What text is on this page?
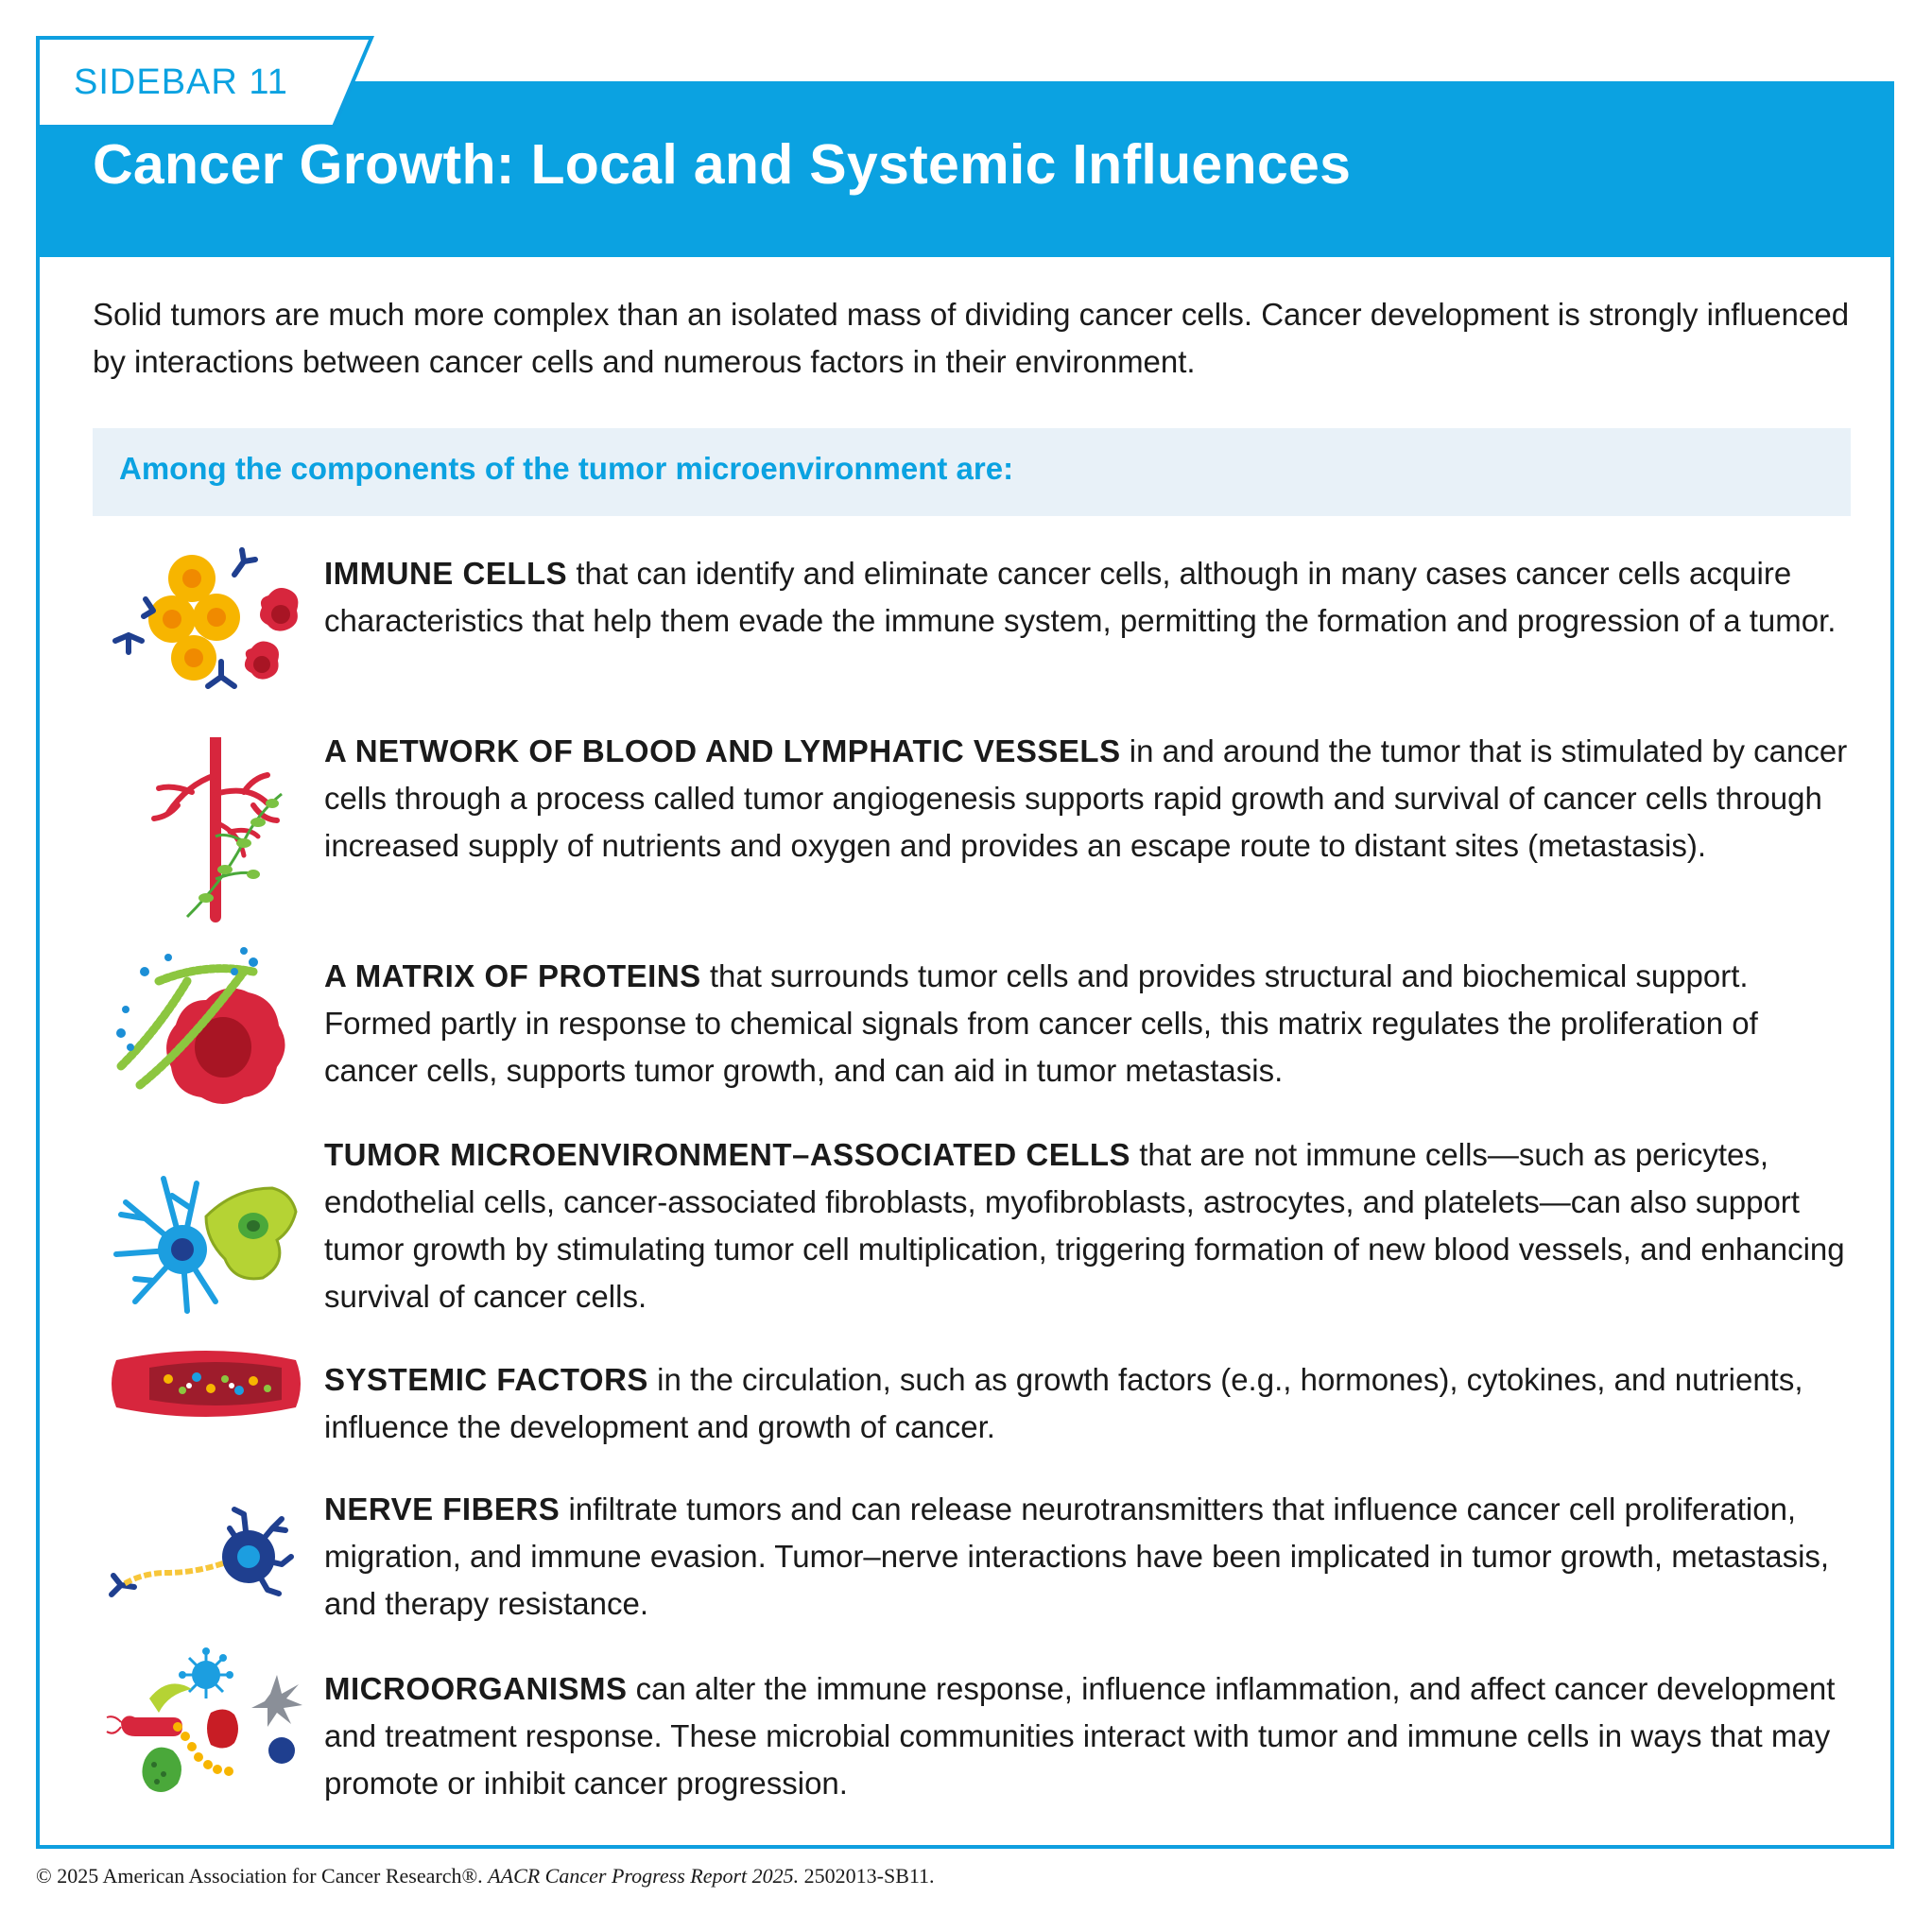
Cancer Growth: Local and Systemic Influences
SIDEBAR 11

Solid tumors are much more complex than an isolated mass of dividing cancer cells. Cancer development is strongly influenced by interactions between cancer cells and numerous factors in their environment.

Among the components of the tumor microenvironment are:

IMMUNE CELLS that can identify and eliminate cancer cells, although in many cases cancer cells acquire characteristics that help them evade the immune system, permitting the formation and progression of a tumor.

A NETWORK OF BLOOD AND LYMPHATIC VESSELS in and around the tumor that is stimulated by cancer cells through a process called tumor angiogenesis supports rapid growth and survival of cancer cells through increased supply of nutrients and oxygen and provides an escape route to distant sites (metastasis).

A MATRIX OF PROTEINS that surrounds tumor cells and provides structural and biochemical support. Formed partly in response to chemical signals from cancer cells, this matrix regulates the proliferation of cancer cells, supports tumor growth, and can aid in tumor metastasis.

TUMOR MICROENVIRONMENT–ASSOCIATED CELLS that are not immune cells—such as pericytes, endothelial cells, cancer-associated fibroblasts, myofibroblasts, astrocytes, and platelets—can also support tumor growth by stimulating tumor cell multiplication, triggering formation of new blood vessels, and enhancing survival of cancer cells.

SYSTEMIC FACTORS in the circulation, such as growth factors (e.g., hormones), cytokines, and nutrients, influence the development and growth of cancer.

NERVE FIBERS infiltrate tumors and can release neurotransmitters that influence cancer cell proliferation, migration, and immune evasion. Tumor–nerve interactions have been implicated in tumor growth, metastasis, and therapy resistance.

MICROORGANISMS can alter the immune response, influence inflammation, and affect cancer development and treatment response. These microbial communities interact with tumor and immune cells in ways that may promote or inhibit cancer progression.

© 2025 American Association for Cancer Research®. AACR Cancer Progress Report 2025. 2502013-SB11.
